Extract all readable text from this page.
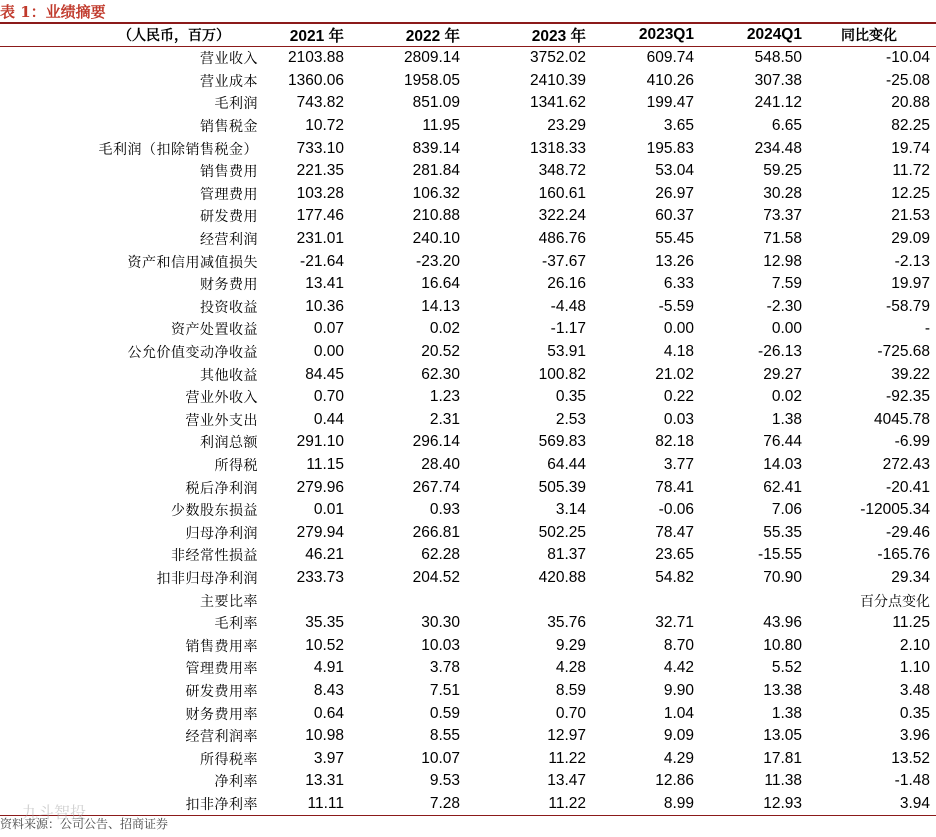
表 1：业绩摘要
（人民币，百万）	2021 年	2022 年	2023 年	2023Q1	2024Q1	同比变化
营业收入	2103.88	2809.14	3752.02	609.74	548.50	-10.04
营业成本	1360.06	1958.05	2410.39	410.26	307.38	-25.08
毛利润	743.82	851.09	1341.62	199.47	241.12	20.88
销售税金	10.72	11.95	23.29	3.65	6.65	82.25
毛利润（扣除销售税金）	733.10	839.14	1318.33	195.83	234.48	19.74
销售费用	221.35	281.84	348.72	53.04	59.25	11.72
管理费用	103.28	106.32	160.61	26.97	30.28	12.25
研发费用	177.46	210.88	322.24	60.37	73.37	21.53
经营利润	231.01	240.10	486.76	55.45	71.58	29.09
资产和信用减值损失	-21.64	-23.20	-37.67	13.26	12.98	-2.13
财务费用	13.41	16.64	26.16	6.33	7.59	19.97
投资收益	10.36	14.13	-4.48	-5.59	-2.30	-58.79
资产处置收益	0.07	0.02	-1.17	0.00	0.00	-
公允价值变动净收益	0.00	20.52	53.91	4.18	-26.13	-725.68
其他收益	84.45	62.30	100.82	21.02	29.27	39.22
营业外收入	0.70	1.23	0.35	0.22	0.02	-92.35
营业外支出	0.44	2.31	2.53	0.03	1.38	4045.78
利润总额	291.10	296.14	569.83	82.18	76.44	-6.99
所得税	11.15	28.40	64.44	3.77	14.03	272.43
税后净利润	279.96	267.74	505.39	78.41	62.41	-20.41
少数股东损益	0.01	0.93	3.14	-0.06	7.06	-12005.34
归母净利润	279.94	266.81	502.25	78.47	55.35	-29.46
非经常性损益	46.21	62.28	81.37	23.65	-15.55	-165.76
扣非归母净利润	233.73	204.52	420.88	54.82	70.90	29.34
主要比率						百分点变化
毛利率	35.35	30.30	35.76	32.71	43.96	11.25
销售费用率	10.52	10.03	9.29	8.70	10.80	2.10
管理费用率	4.91	3.78	4.28	4.42	5.52	1.10
研发费用率	8.43	7.51	8.59	9.90	13.38	3.48
财务费用率	0.64	0.59	0.70	1.04	1.38	0.35
经营利润率	10.98	8.55	12.97	9.09	13.05	3.96
所得税率	3.97	10.07	11.22	4.29	17.81	13.52
净利率	13.31	9.53	13.47	12.86	11.38	-1.48
扣非净利率	11.11	7.28	11.22	8.99	12.93	3.94
九斗智投
资料来源：公司公告、招商证券
